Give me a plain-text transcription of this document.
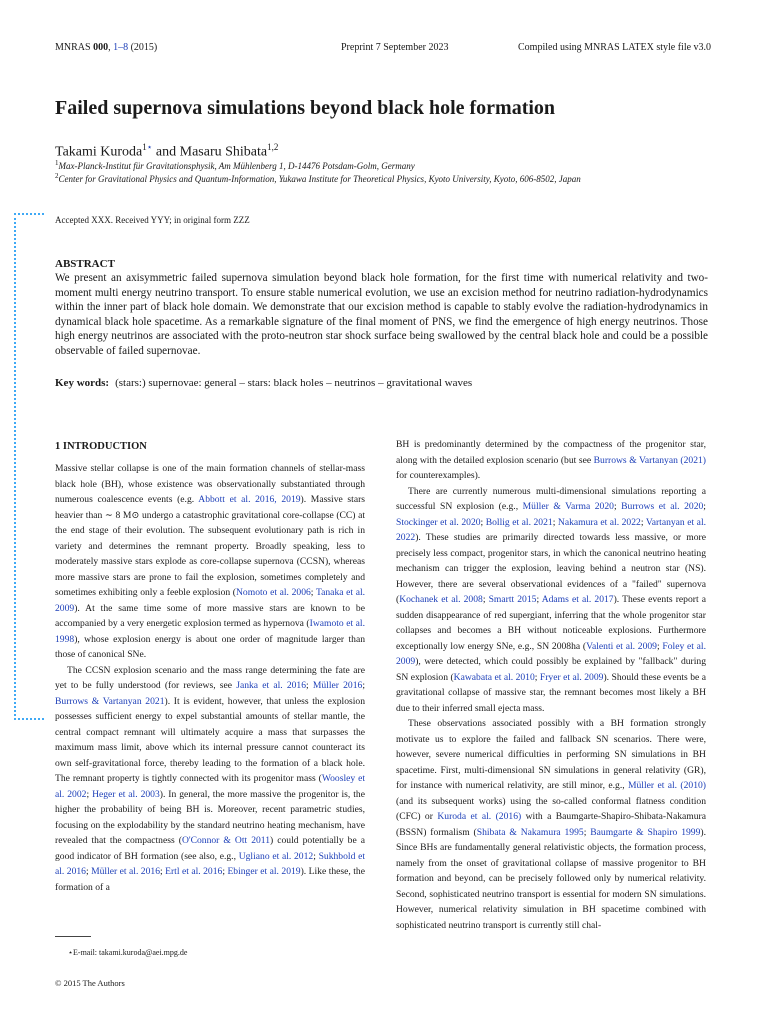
MNRAS 000, 1–8 (2015)	Preprint 7 September 2023	Compiled using MNRAS LATEX style file v3.0
Failed supernova simulations beyond black hole formation
Takami Kuroda$^{1⋆}$ and Masaru Shibata$^{1,2}$
$^1$Max-Planck-Institut für Gravitationsphysik, Am Mühlenberg 1, D-14476 Potsdam-Golm, Germany
$^2$Center for Gravitational Physics and Quantum-Information, Yukawa Institute for Theoretical Physics, Kyoto University, Kyoto, 606-8502, Japan
Accepted XXX. Received YYY; in original form ZZZ
ABSTRACT

We present an axisymmetric failed supernova simulation beyond black hole formation, for the first time with numerical relativity and two-moment multi energy neutrino transport. To ensure stable numerical evolution, we use an excision method for neutrino radiation-hydrodynamics within the inner part of black hole domain. We demonstrate that our excision method is capable to stably evolve the radiation-hydrodynamics in dynamical black hole spacetime. As a remarkable signature of the final moment of PNS, we find the emergence of high energy neutrinos. Those high energy neutrinos are associated with the proto-neutron star shock surface being swallowed by the central black hole and could be a possible observable of failed supernovae.

Key words: (stars:) supernovae: general – stars: black holes – neutrinos – gravitational waves
1 INTRODUCTION

Massive stellar collapse is one of the main formation channels of stellar-mass black hole (BH), whose existence was observationally substantiated through numerous coalescence events (e.g. Abbott et al. 2016, 2019). Massive stars heavier than ∼ 8 M⊙ undergo a catastrophic gravitational core-collapse (CC) at the end stage of their evolution. The subsequent evolutionary path is rich in variety and determines the remnant property. Broadly speaking, less to moderately massive stars explode as core-collapse supernova (CCSN), whereas more massive stars are prone to fail the explosion, sometimes completely and sometimes exhibiting only a feeble explosion (Nomoto et al. 2006; Tanaka et al. 2009). At the same time some of more massive stars are known to be accompanied by a very energetic explosion termed as hypernova (Iwamoto et al. 1998), whose explosion energy is about one order of magnitude larger than those of canonical SNe.

The CCSN explosion scenario and the mass range determining the fate are yet to be fully understood (for reviews, see Janka et al. 2016; Müller 2016; Burrows & Vartanyan 2021). It is evident, however, that unless the explosion possesses sufficient energy to expel substantial amounts of stellar mantle, the central compact remnant will ultimately acquire a mass that surpasses the maximum mass limit, above which its internal pressure cannot counteract its own self-gravitational force, thereby leading to the formation of a black hole. The remnant property is tightly connected with its progenitor mass (Woosley et al. 2002; Heger et al. 2003). In general, the more massive the progenitor is, the higher the probability of being BH is. Moreover, recent parametric studies, focusing on the explodability by the standard neutrino heating mechanism, have revealed that the compactness (O'Connor & Ott 2011) could potentially be a good indicator of BH formation (see also, e.g., Ugliano et al. 2012; Sukhbold et al. 2016; Müller et al. 2016; Ertl et al. 2016; Ebinger et al. 2019). Like these, the formation of a

BH is predominantly determined by the compactness of the progenitor star, along with the detailed explosion scenario (but see Burrows & Vartanyan (2021) for counterexamples).

There are currently numerous multi-dimensional simulations reporting a successful SN explosion (e.g., Müller & Varma 2020; Burrows et al. 2020; Stockinger et al. 2020; Bollig et al. 2021; Nakamura et al. 2022; Vartanyan et al. 2022). These studies are primarily directed towards less massive, or more precisely less compact, progenitor stars, in which the canonical neutrino heating mechanism can trigger the explosion, leaving behind a neutron star (NS). However, there are several observational evidences of a "failed" supernova (Kochanek et al. 2008; Smartt 2015; Adams et al. 2017). These events report a sudden disappearance of red supergiant, inferring that the whole progenitor star collapses and becomes a BH without noticeable explosions. Furthermore exceptionally low energy SNe, e.g., SN 2008ha (Valenti et al. 2009; Foley et al. 2009), were detected, which could possibly be explained by "fallback" during SN explosion (Kawabata et al. 2010; Fryer et al. 2009). Should these events be a gravitational collapse of massive star, the remnant becomes most likely a BH due to their inferred small ejecta mass.

These observations associated possibly with a BH formation strongly motivate us to explore the failed and fallback SN scenarios. There were, however, severe numerical difficulties in performing SN simulations in BH spacetime. First, multi-dimensional SN simulations in general relativity (GR), for instance with numerical relativity, are still minor, e.g., Müller et al. (2010) (and its subsequent works) using the so-called conformal flatness condition (CFC) or Kuroda et al. (2016) with a Baumgarte-Shapiro-Shibata-Nakamura (BSSN) formalism (Shibata & Nakamura 1995; Baumgarte & Shapiro 1999). Since BHs are fundamentally general relativistic objects, the formation process, namely from the onset of gravitational collapse of massive progenitor to BH formation and beyond, can be precisely followed only by numerical relativity. Second, sophisticated neutrino transport is essential for modern SN simulations. However, numerical relativity simulation in BH spacetime combined with sophisticated neutrino transport is currently still chal-

⋆E-mail: takami.kuroda@aei.mpg.de
© 2015 The Authors
